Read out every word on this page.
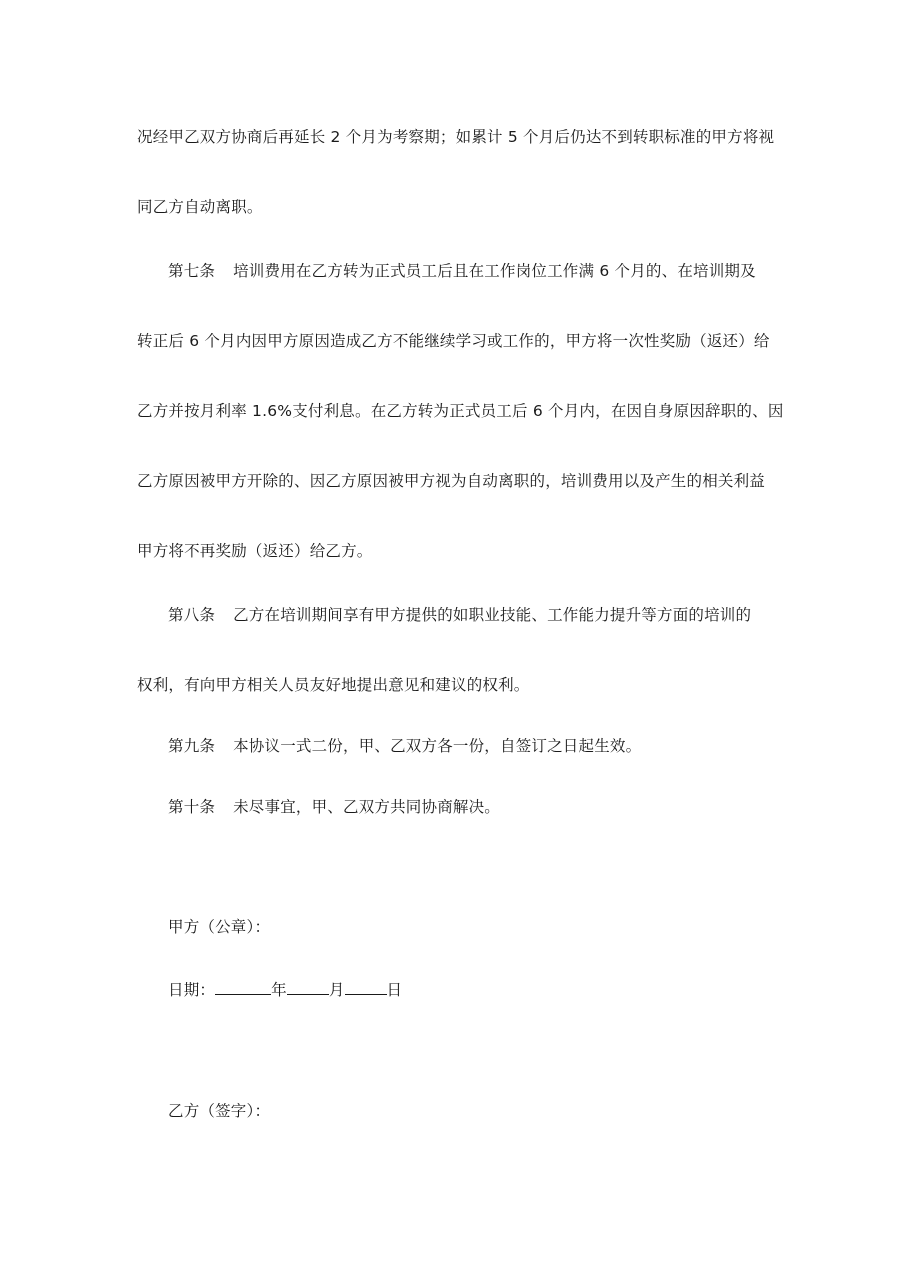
况经甲乙双方协商后再延长 2 个月为考察期；如累计 5 个月后仍达不到转职标准的甲方将视
同乙方自动离职。
第七条 培训费用在乙方转为正式员工后且在工作岗位工作满 6 个月的、在培训期及
转正后 6 个月内因甲方原因造成乙方不能继续学习或工作的，甲方将一次性奖励（返还）给
乙方并按月利率 1.6%支付利息。在乙方转为正式员工后 6 个月内，在因自身原因辞职的、因
乙方原因被甲方开除的、因乙方原因被甲方视为自动离职的，培训费用以及产生的相关利益
甲方将不再奖励（返还）给乙方。
第八条 乙方在培训期间享有甲方提供的如职业技能、工作能力提升等方面的培训的
权利，有向甲方相关人员友好地提出意见和建议的权利。
第九条 本协议一式二份，甲、乙双方各一份，自签订之日起生效。
第十条 未尽事宜，甲、乙双方共同协商解决。
甲方（公章）：
日期：	年	月	日
乙方（签字）：
